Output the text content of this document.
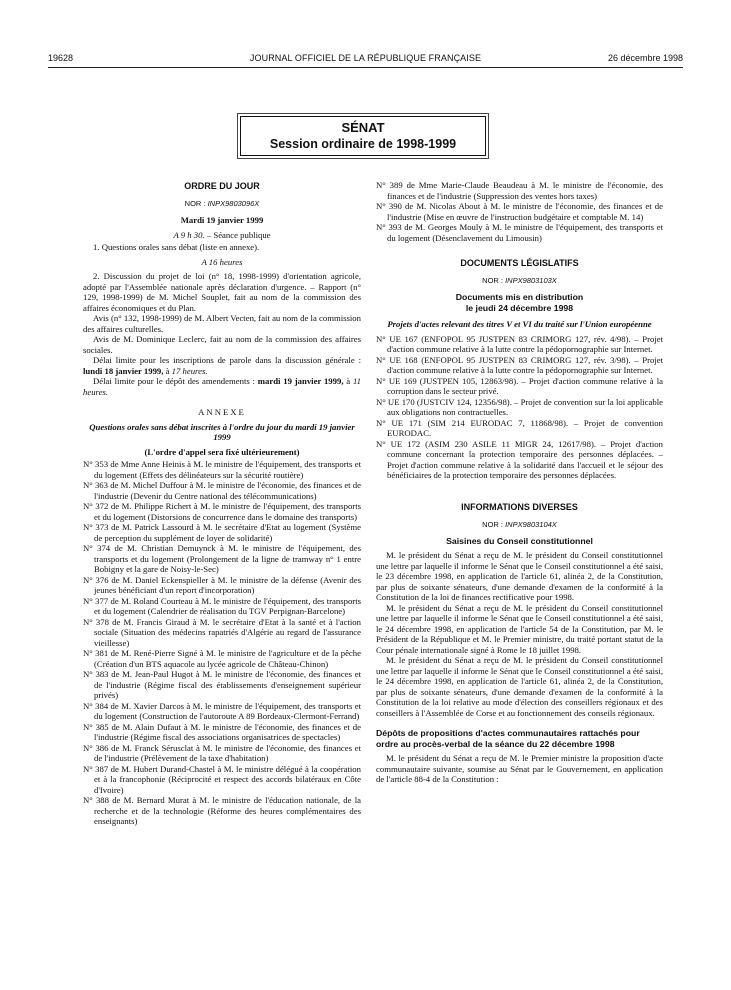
19628	JOURNAL OFFICIEL DE LA RÉPUBLIQUE FRANÇAISE	26 décembre 1998
SÉNAT
Session ordinaire de 1998-1999
ORDRE DU JOUR
NOR : INPX9803096X

Mardi 19 janvier 1999

A 9 h 30. – Séance publique

1. Questions orales sans débat (liste en annexe).

A 16 heures

2. Discussion du projet de loi (n° 18, 1998-1999) d'orientation agricole, adopté par l'Assemblée nationale après déclaration d'urgence. – Rapport (n° 129, 1998-1999) de M. Michel Souplet, fait au nom de la commission des affaires économiques et du Plan.

Avis (n° 132, 1998-1999) de M. Albert Vecten, fait au nom de la commission des affaires culturelles.

Avis de M. Dominique Leclerc, fait au nom de la commission des affaires sociales.

Délai limite pour les inscriptions de parole dans la discussion générale : lundi 18 janvier 1999, à 17 heures.

Délai limite pour le dépôt des amendements : mardi 19 janvier 1999, à 11 heures.

ANNEXE

Questions orales sans débat inscrites à l'ordre du jour du mardi 19 janvier 1999

(L'ordre d'appel sera fixé ultérieurement)

N° 353 de Mme Anne Heinis à M. le ministre de l'équipement, des transports et du logement (Effets des délinéateurs sur la sécurité routière)

N° 363 de M. Michel Duffour à M. le ministre de l'économie, des finances et de l'industrie (Devenir du Centre national des télécommunications)

N° 372 de M. Philippe Richert à M. le ministre de l'équipement, des transports et du logement (Distorsions de concurrence dans le domaine des transports)

N° 373 de M. Patrick Lassourd à M. le secrétaire d'Etat au logement (Système de perception du supplément de loyer de solidarité)

N° 374 de M. Christian Demuynck à M. le ministre de l'équipement, des transports et du logement (Prolongement de la ligne de tramway n° 1 entre Bobigny et la gare de Noisy-le-Sec)

N° 376 de M. Daniel Eckenspieller à M. le ministre de la défense (Avenir des jeunes bénéficiant d'un report d'incorporation)

N° 377 de M. Roland Courteau à M. le ministre de l'équipement, des transports et du logement (Calendrier de réalisation du TGV Perpignan-Barcelone)

N° 378 de M. Francis Giraud à M. le secrétaire d'Etat à la santé et à l'action sociale (Situation des médecins rapatriés d'Algérie au regard de l'assurance vieillesse)

N° 381 de M. René-Pierre Signé à M. le ministre de l'agriculture et de la pêche (Création d'un BTS aquacole au lycée agricole de Château-Chinon)

N° 383 de M. Jean-Paul Hugot à M. le ministre de l'économie, des finances et de l'industrie (Régime fiscal des établissements d'enseignement supérieur privés)

N° 384 de M. Xavier Darcos à M. le ministre de l'équipement, des transports et du logement (Construction de l'autoroute A 89 Bordeaux-Clermont-Ferrand)

N° 385 de M. Alain Dufaut à M. le ministre de l'économie, des finances et de l'industrie (Régime fiscal des associations organisatrices de spectacles)

N° 386 de M. Franck Sérusclat à M. le ministre de l'économie, des finances et de l'industrie (Prélèvement de la taxe d'habitation)

N° 387 de M. Hubert Durand-Chastel à M. le ministre délégué à la coopération et à la francophonie (Réciprocité et respect des accords bilatéraux en Côte d'Ivoire)

N° 388 de M. Bernard Murat à M. le ministre de l'éducation nationale, de la recherche et de la technologie (Réforme des heures complémentaires des enseignants)

N° 389 de Mme Marie-Claude Beaudeau à M. le ministre de l'économie, des finances et de l'industrie (Suppression des ventes hors taxes)

N° 390 de M. Nicolas About à M. le ministre de l'économie, des finances et de l'industrie (Mise en œuvre de l'instruction budgétaire et comptable M. 14)

N° 393 de M. Georges Mouly à M. le ministre de l'équipement, des transports et du logement (Désenclavement du Limousin)

DOCUMENTS LÉGISLATIFS
NOR : INPX9803103X
Documents mis en distribution
le jeudi 24 décembre 1998

Projets d'actes relevant des titres V et VI du traité sur l'Union européenne

N° UE 167 (ENFOPOL 95 JUSTPEN 83 CRIMORG 127, rév. 4/98). – Projet d'action commune relative à la lutte contre la pédopornographie sur Internet.

N° UE 168 (ENFOPOL 95 JUSTPEN 83 CRIMORG 127, rév. 3/98). – Projet d'action commune relative à la lutte contre la pédopornographie sur Internet.

N° UE 169 (JUSTPEN 105, 12863/98). – Projet d'action commune relative à la corruption dans le secteur privé.

N° UE 170 (JUSTCIV 124, 12356/98). – Projet de convention sur la loi applicable aux obligations non contractuelles.

N° UE 171 (SIM 214 EURODAC 7, 11868/98). – Projet de convention EURODAC.

N° UE 172 (ASIM 230 ASILE 11 MIGR 24, 12617/98). – Projet d'action commune concernant la protection temporaire des personnes déplacées. – Projet d'action commune relative à la solidarité dans l'accueil et le séjour des bénéficiaires de la protection temporaire des personnes déplacées.

INFORMATIONS DIVERSES
NOR : INPX9803104X
Saisines du Conseil constitutionnel

M. le président du Sénat a reçu de M. le président du Conseil constitutionnel une lettre par laquelle il informe le Sénat que le Conseil constitutionnel a été saisi, le 23 décembre 1998, en application de l'article 61, alinéa 2, de la Constitution, par plus de soixante sénateurs, d'une demande d'examen de la conformité à la Constitution de la loi de finances rectificative pour 1998.

M. le président du Sénat a reçu de M. le président du Conseil constitutionnel une lettre par laquelle il informe le Sénat que le Conseil constitutionnel a été saisi, le 24 décembre 1998, en application de l'article 54 de la Constitution, par M. le Président de la République et M. le Premier ministre, du traité portant statut de la Cour pénale internationale signé à Rome le 18 juillet 1998.

M. le président du Sénat a reçu de M. le président du Conseil constitutionnel une lettre par laquelle il informe le Sénat que le Conseil constitutionnel a été saisi, le 24 décembre 1998, en application de l'article 61, alinéa 2, de la Constitution, par plus de soixante sénateurs, d'une demande d'examen de la conformité à la Constitution de la loi relative au mode d'élection des conseillers régionaux et des conseillers à l'Assemblée de Corse et au fonctionnement des conseils régionaux.

Dépôts de propositions d'actes communautaires rattachés pour ordre au procès-verbal de la séance du 22 décembre 1998

M. le président du Sénat a reçu de M. le Premier ministre la proposition d'acte communautaire suivante, soumise au Sénat par le Gouvernement, en application de l'article 88-4 de la Constitution :
